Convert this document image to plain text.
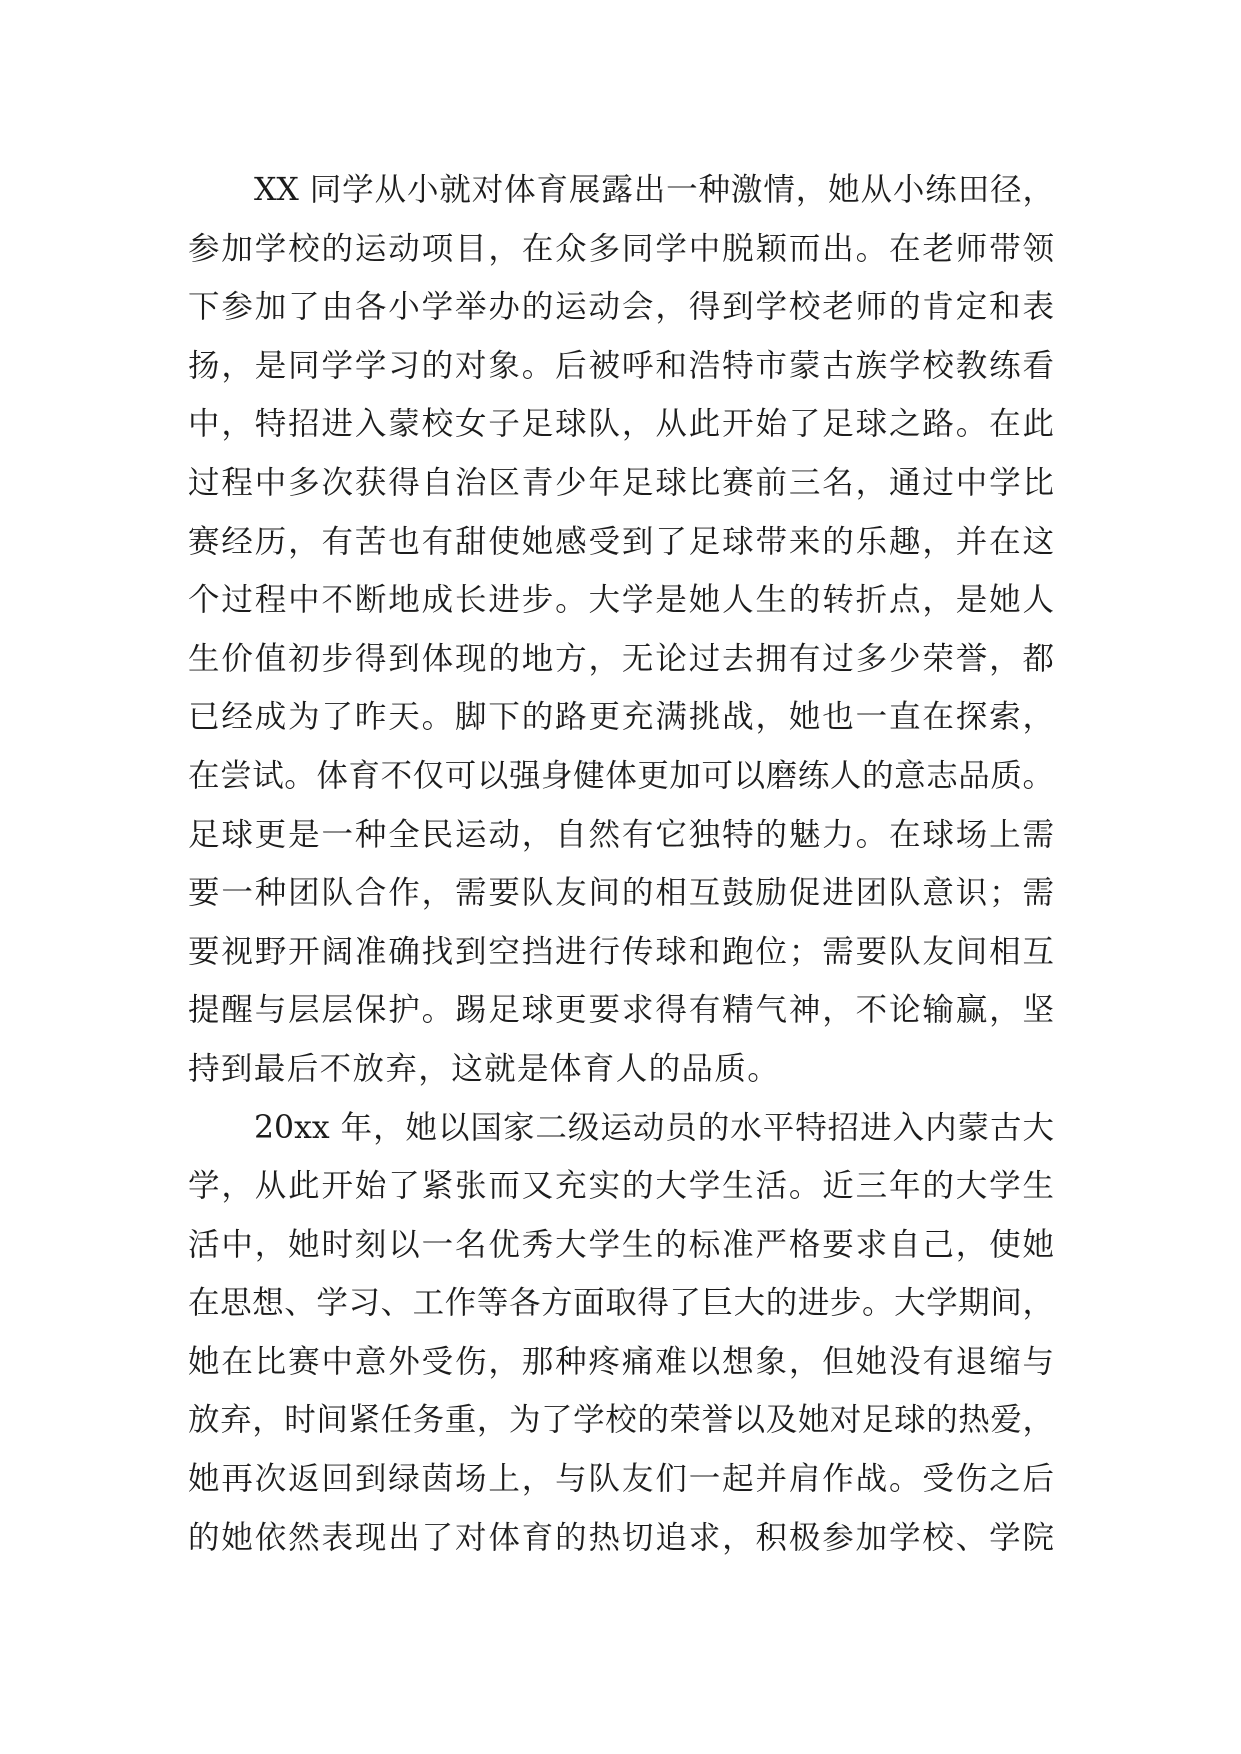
XX 同学从小就对体育展露出一种激情，她从小练田径，
参加学校的运动项目，在众多同学中脱颖而出。在老师带领
下参加了由各小学举办的运动会，得到学校老师的肯定和表
扬，是同学学习的对象。后被呼和浩特市蒙古族学校教练看
中，特招进入蒙校女子足球队，从此开始了足球之路。在此
过程中多次获得自治区青少年足球比赛前三名，通过中学比
赛经历，有苦也有甜使她感受到了足球带来的乐趣，并在这
个过程中不断地成长进步。大学是她人生的转折点，是她人
生价值初步得到体现的地方，无论过去拥有过多少荣誉，都
已经成为了昨天。脚下的路更充满挑战，她也一直在探索，
在尝试。体育不仅可以强身健体更加可以磨练人的意志品质。
足球更是一种全民运动，自然有它独特的魅力。在球场上需
要一种团队合作，需要队友间的相互鼓励促进团队意识；需
要视野开阔准确找到空挡进行传球和跑位；需要队友间相互
提醒与层层保护。踢足球更要求得有精气神，不论输赢，坚
持到最后不放弃，这就是体育人的品质。
20xx 年，她以国家二级运动员的水平特招进入内蒙古大
学，从此开始了紧张而又充实的大学生活。近三年的大学生
活中，她时刻以一名优秀大学生的标准严格要求自己，使她
在思想、学习、工作等各方面取得了巨大的进步。大学期间，
她在比赛中意外受伤，那种疼痛难以想象，但她没有退缩与
放弃，时间紧任务重，为了学校的荣誉以及她对足球的热爱，
她再次返回到绿茵场上，与队友们一起并肩作战。受伤之后
的她依然表现出了对体育的热切追求，积极参加学校、学院
